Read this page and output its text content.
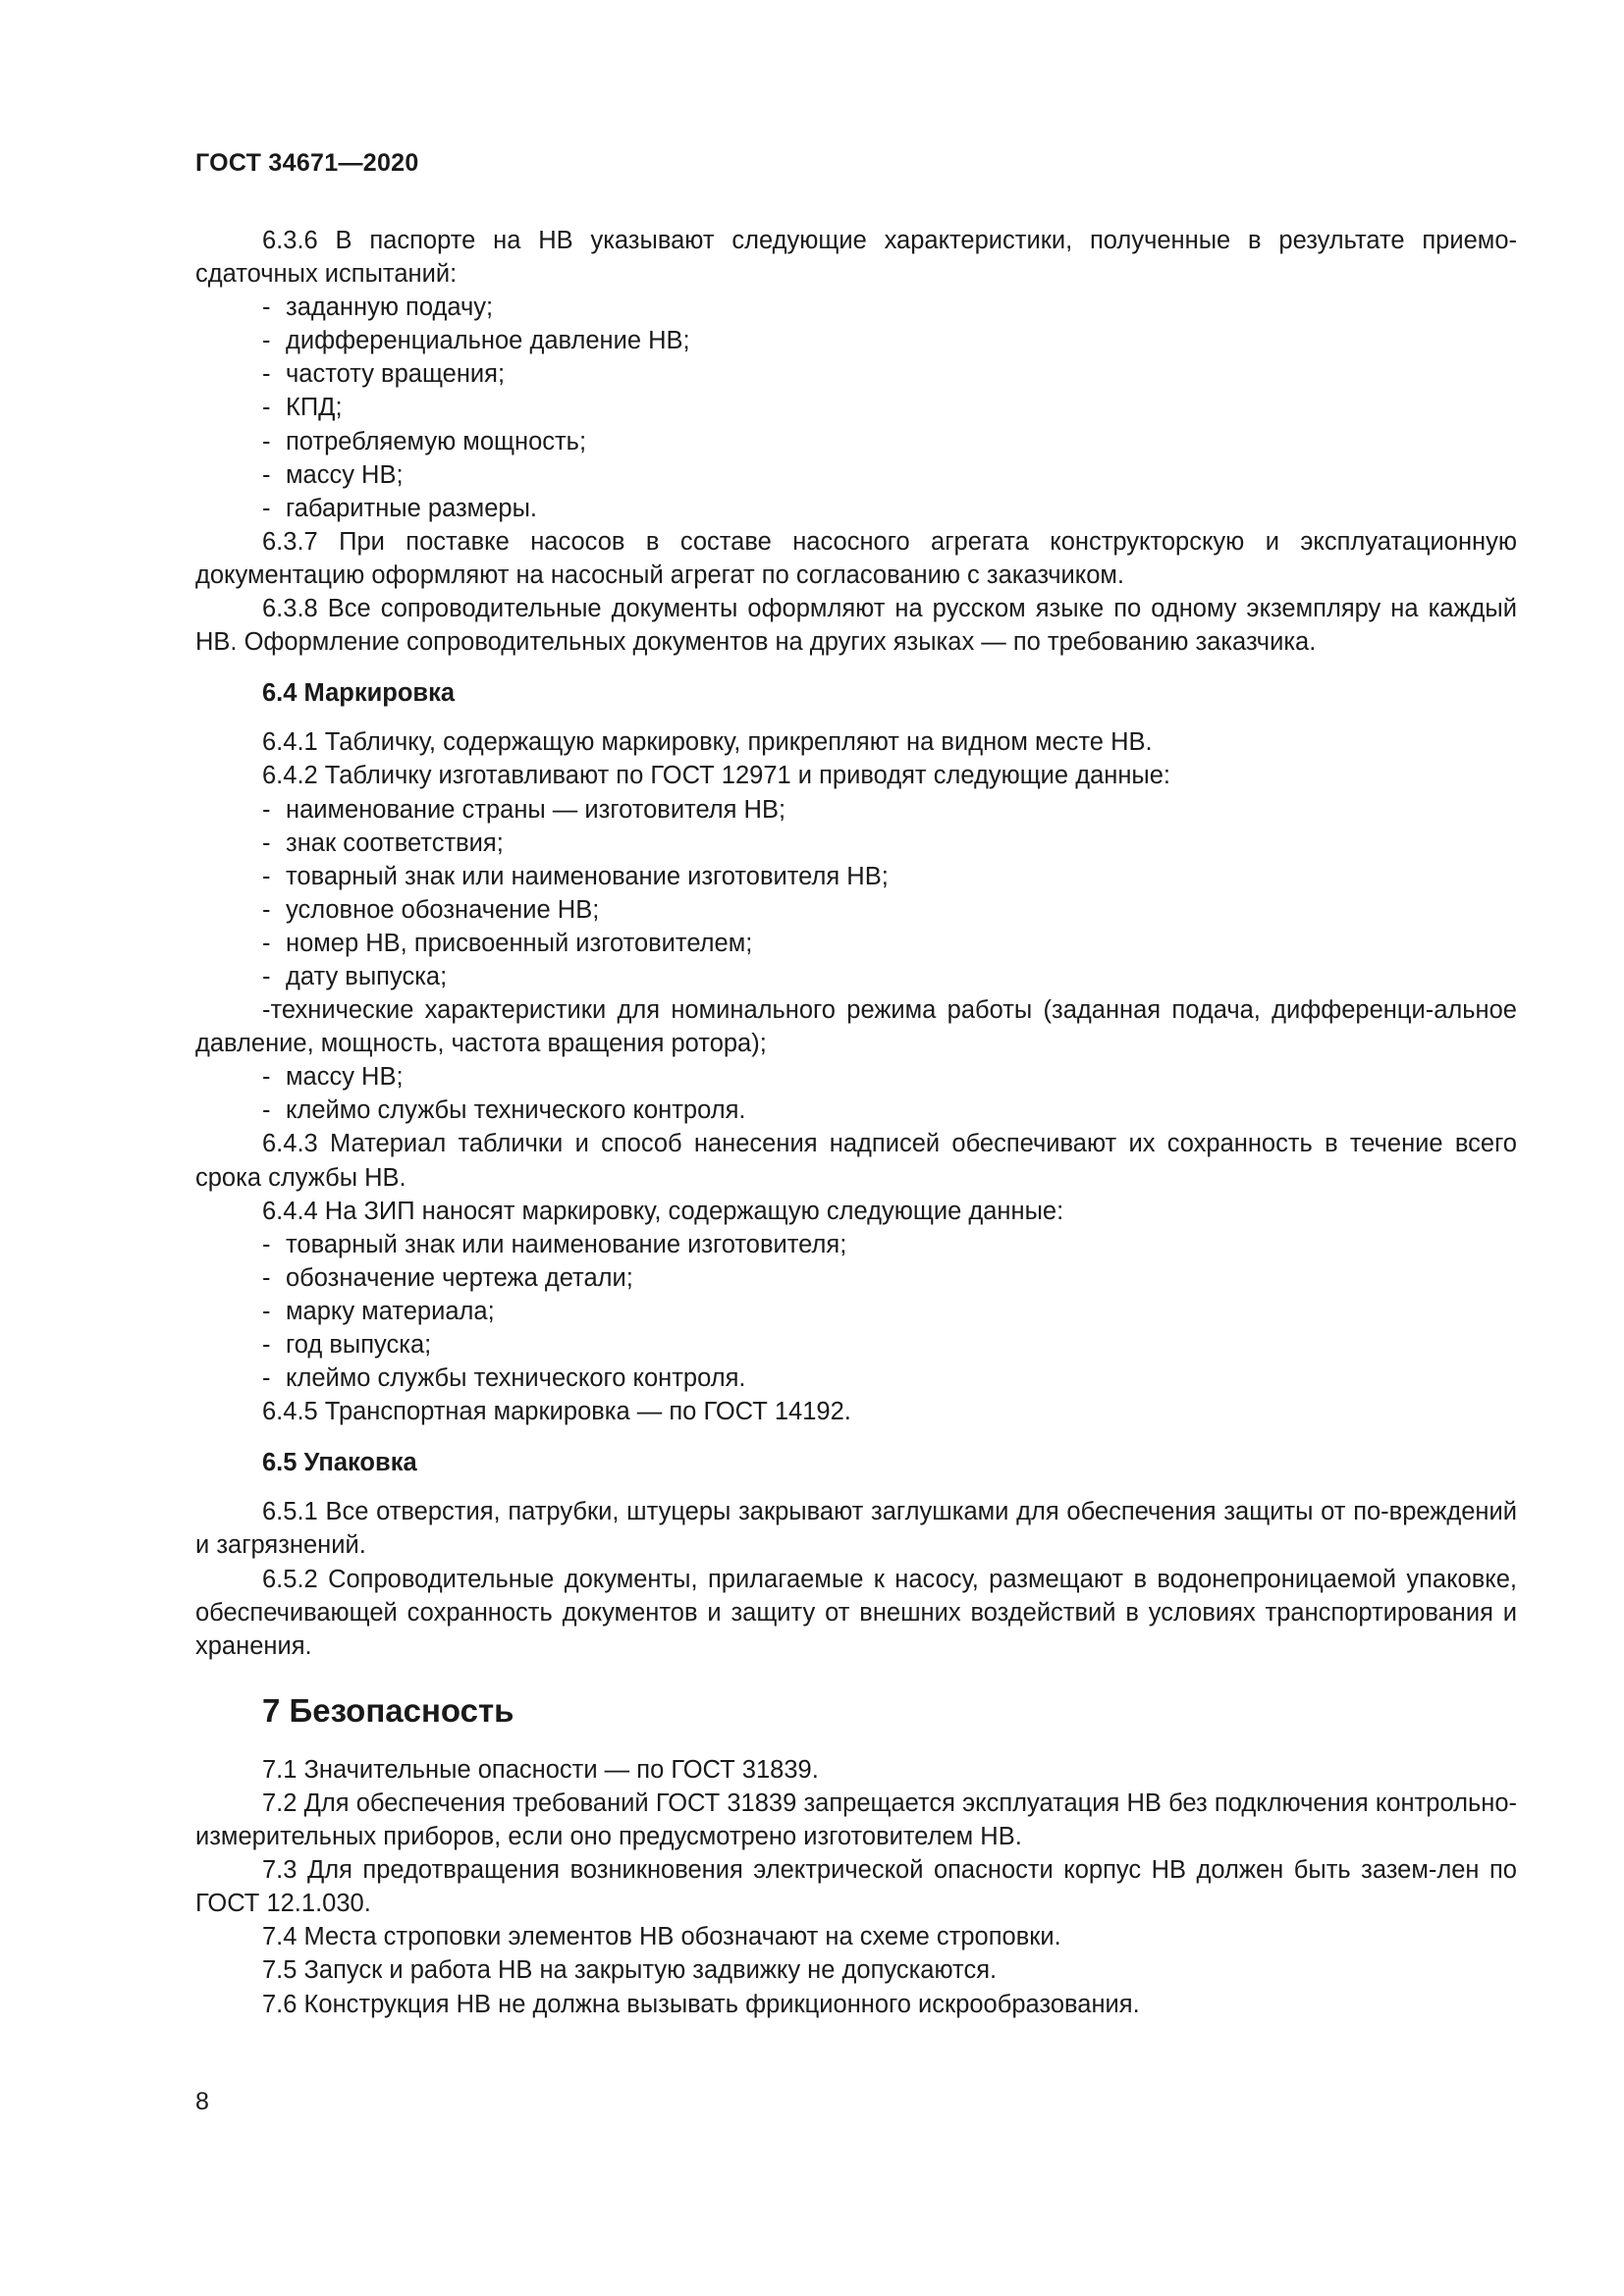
ГОСТ 34671—2020
6.3.6 В паспорте на НВ указывают следующие характеристики, полученные в результате приемо-сдаточных испытаний:
- заданную подачу;
- дифференциальное давление НВ;
- частоту вращения;
- КПД;
- потребляемую мощность;
- массу НВ;
- габаритные размеры.
6.3.7 При поставке насосов в составе насосного агрегата конструкторскую и эксплуатационную документацию оформляют на насосный агрегат по согласованию с заказчиком.
6.3.8 Все сопроводительные документы оформляют на русском языке по одному экземпляру на каждый НВ. Оформление сопроводительных документов на других языках — по требованию заказчика.
6.4 Маркировка
6.4.1 Табличку, содержащую маркировку, прикрепляют на видном месте НВ.
6.4.2 Табличку изготавливают по ГОСТ 12971 и приводят следующие данные:
- наименование страны — изготовителя НВ;
- знак соответствия;
- товарный знак или наименование изготовителя НВ;
- условное обозначение НВ;
- номер НВ, присвоенный изготовителем;
- дату выпуска;
-технические характеристики для номинального режима работы (заданная подача, дифференци-альное давление, мощность, частота вращения ротора);
- массу НВ;
- клеймо службы технического контроля.
6.4.3 Материал таблички и способ нанесения надписей обеспечивают их сохранность в течение всего срока службы НВ.
6.4.4 На ЗИП наносят маркировку, содержащую следующие данные:
- товарный знак или наименование изготовителя;
- обозначение чертежа детали;
- марку материала;
- год выпуска;
- клеймо службы технического контроля.
6.4.5 Транспортная маркировка — по ГОСТ 14192.
6.5 Упаковка
6.5.1 Все отверстия, патрубки, штуцеры закрывают заглушками для обеспечения защиты от по-вреждений и загрязнений.
6.5.2 Сопроводительные документы, прилагаемые к насосу, размещают в водонепроницаемой упаковке, обеспечивающей сохранность документов и защиту от внешних воздействий в условиях транспортирования и хранения.
7 Безопасность
7.1 Значительные опасности — по ГОСТ 31839.
7.2 Для обеспечения требований ГОСТ 31839 запрещается эксплуатация НВ без подключения контрольно-измерительных приборов, если оно предусмотрено изготовителем НВ.
7.3 Для предотвращения возникновения электрической опасности корпус НВ должен быть зазем-лен по ГОСТ 12.1.030.
7.4 Места строповки элементов НВ обозначают на схеме строповки.
7.5 Запуск и работа НВ на закрытую задвижку не допускаются.
7.6 Конструкция НВ не должна вызывать фрикционного искрообразования.
8
